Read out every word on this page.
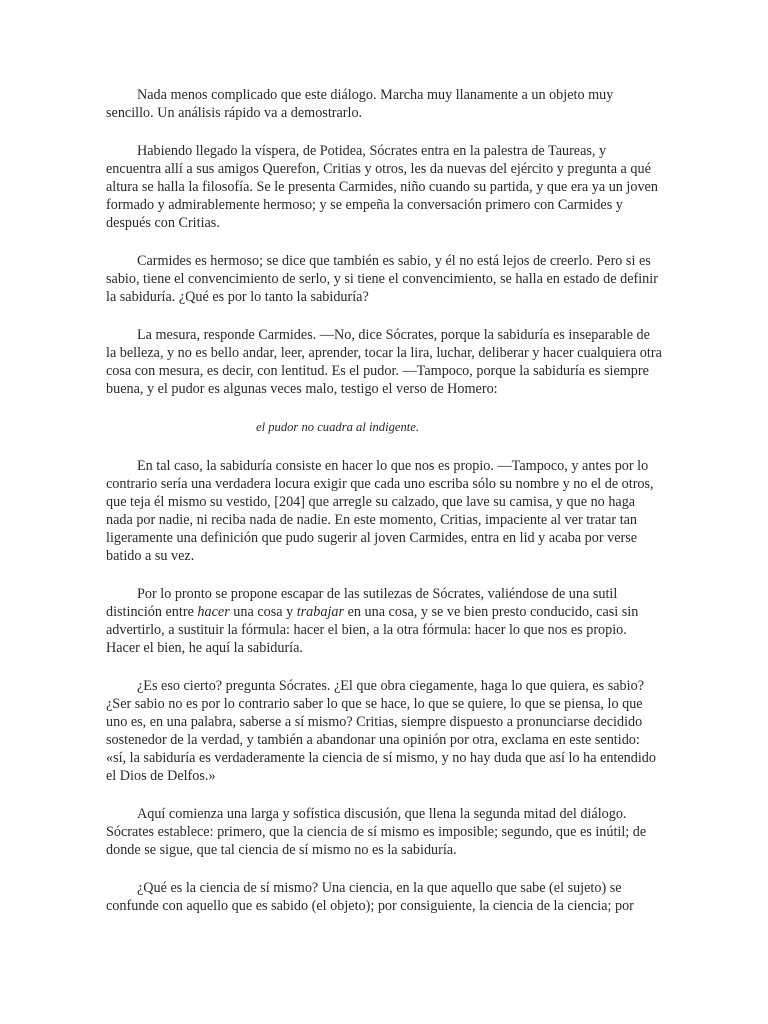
Nada menos complicado que este diálogo. Marcha muy llanamente a un objeto muy sencillo. Un análisis rápido va a demostrarlo.

Habiendo llegado la víspera, de Potidea, Sócrates entra en la palestra de Taureas, y encuentra allí a sus amigos Querefon, Critias y otros, les da nuevas del ejército y pregunta a qué altura se halla la filosofía. Se le presenta Carmides, niño cuando su partida, y que era ya un joven formado y admirablemente hermoso; y se empeña la conversación primero con Carmides y después con Critias.

Carmides es hermoso; se dice que también es sabio, y él no está lejos de creerlo. Pero si es sabio, tiene el convencimiento de serlo, y si tiene el convencimiento, se halla en estado de definir la sabiduría. ¿Qué es por lo tanto la sabiduría?

La mesura, responde Carmides. —No, dice Sócrates, porque la sabiduría es inseparable de la belleza, y no es bello andar, leer, aprender, tocar la lira, luchar, deliberar y hacer cualquiera otra cosa con mesura, es decir, con lentitud. Es el pudor. —Tampoco, porque la sabiduría es siempre buena, y el pudor es algunas veces malo, testigo el verso de Homero:

el pudor no cuadra al indigente.

En tal caso, la sabiduría consiste en hacer lo que nos es propio. —Tampoco, y antes por lo contrario sería una verdadera locura exigir que cada uno escriba sólo su nombre y no el de otros, que teja él mismo su vestido, [204] que arregle su calzado, que lave su camisa, y que no haga nada por nadie, ni reciba nada de nadie. En este momento, Critias, impaciente al ver tratar tan ligeramente una definición que pudo sugerir al joven Carmides, entra en lid y acaba por verse batido a su vez.

Por lo pronto se propone escapar de las sutilezas de Sócrates, valiéndose de una sutil distinción entre hacer una cosa y trabajar en una cosa, y se ve bien presto conducido, casi sin advertirlo, a sustituir la fórmula: hacer el bien, a la otra fórmula: hacer lo que nos es propio. Hacer el bien, he aquí la sabiduría.

¿Es eso cierto? pregunta Sócrates. ¿El que obra ciegamente, haga lo que quiera, es sabio? ¿Ser sabio no es por lo contrario saber lo que se hace, lo que se quiere, lo que se piensa, lo que uno es, en una palabra, saberse a sí mismo? Critias, siempre dispuesto a pronunciarse decidido sostenedor de la verdad, y también a abandonar una opinión por otra, exclama en este sentido: «sí, la sabiduría es verdaderamente la ciencia de sí mismo, y no hay duda que así lo ha entendido el Dios de Delfos.»

Aquí comienza una larga y sofística discusión, que llena la segunda mitad del diálogo. Sócrates establece: primero, que la ciencia de sí mismo es imposible; segundo, que es inútil; de donde se sigue, que tal ciencia de sí mismo no es la sabiduría.

¿Qué es la ciencia de sí mismo? Una ciencia, en la que aquello que sabe (el sujeto) se confunde con aquello que es sabido (el objeto); por consiguiente, la ciencia de la ciencia; por
